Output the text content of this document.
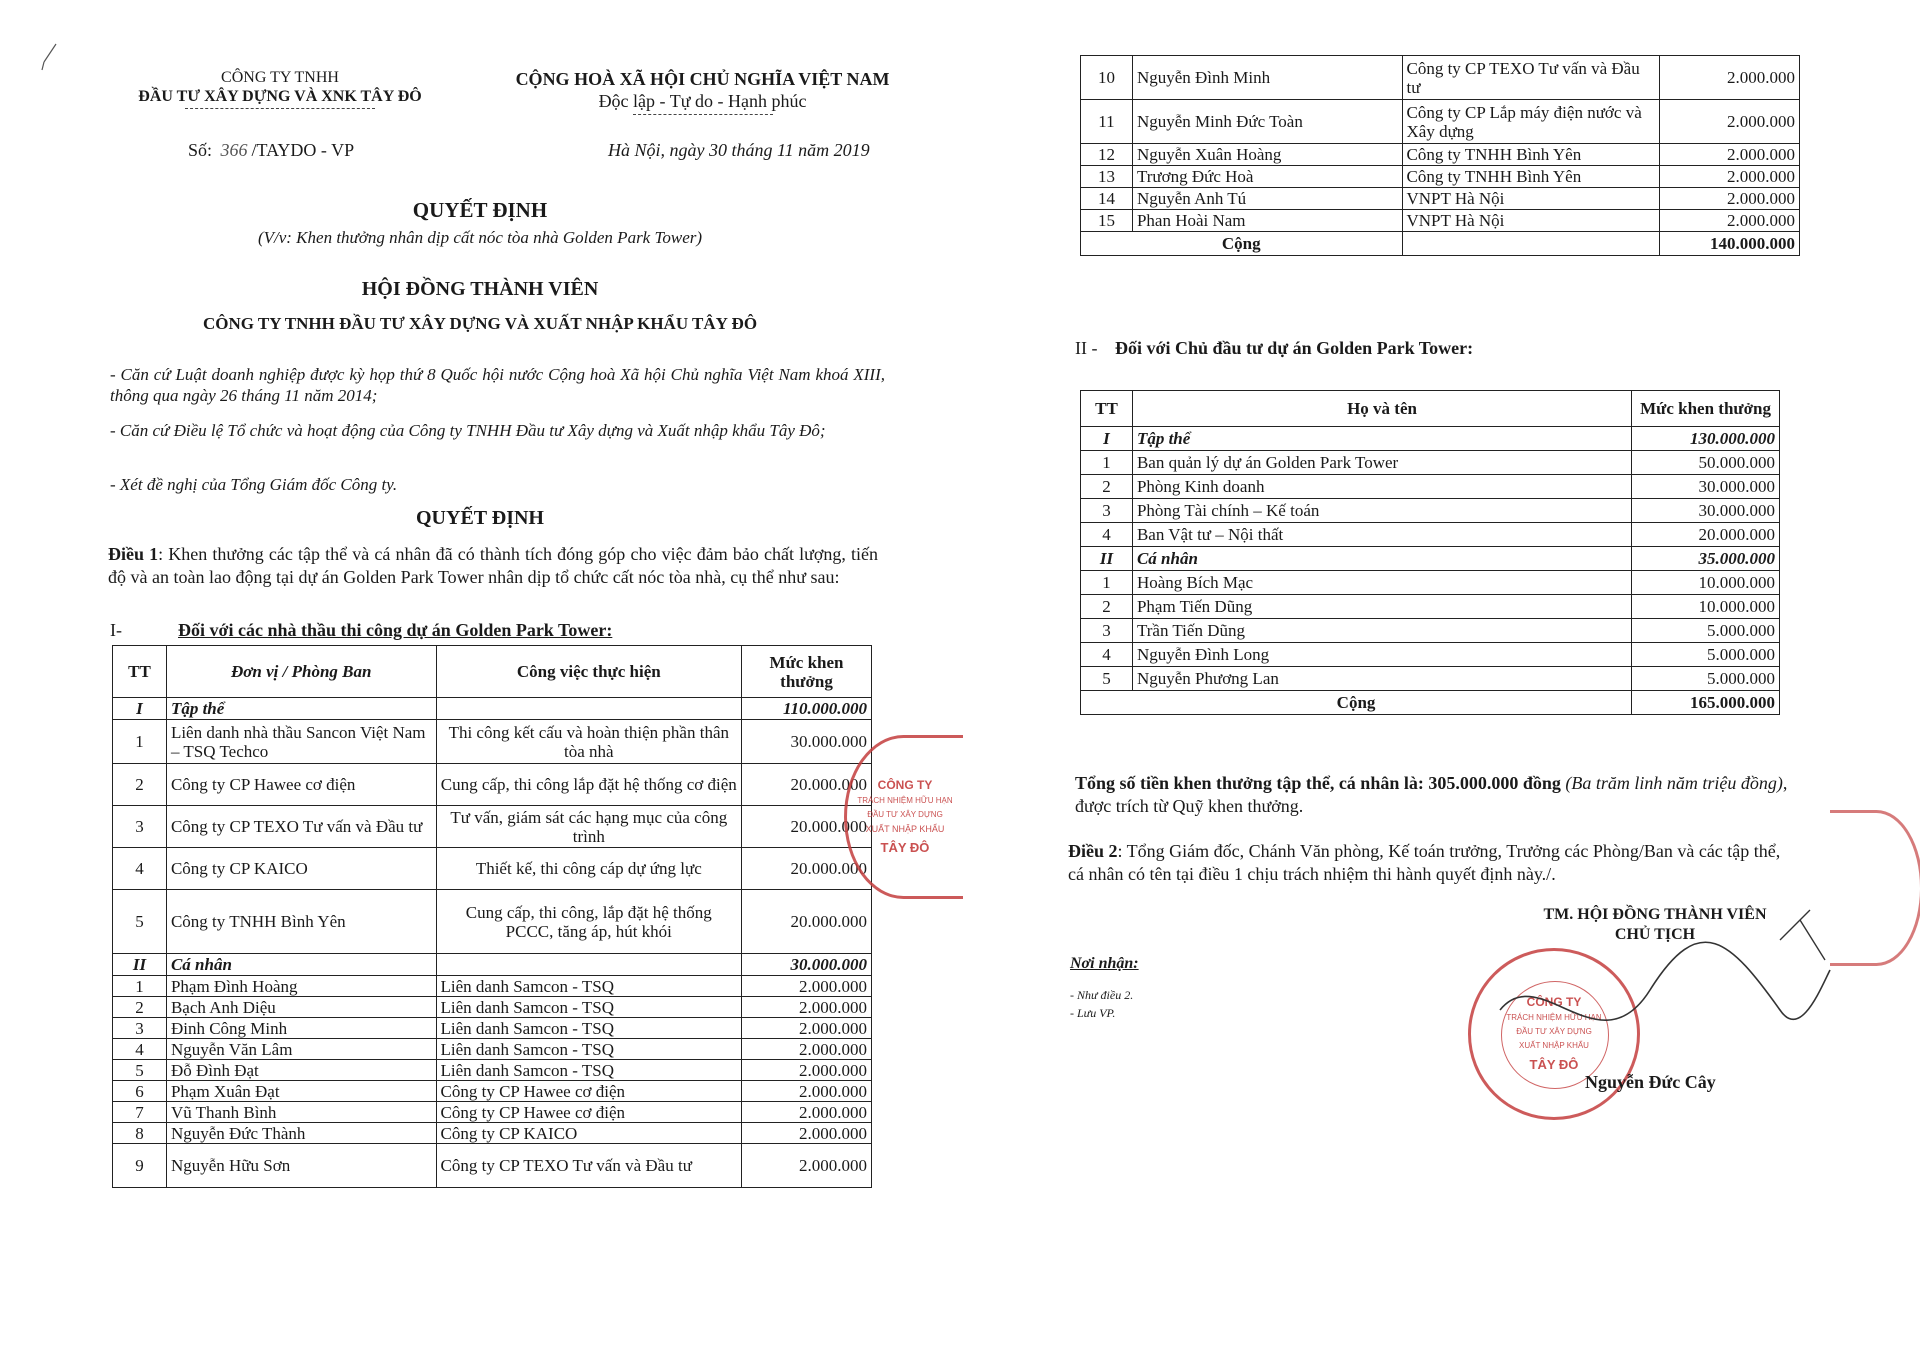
CÔNG TY TNHH
ĐẦU TƯ XÂY DỰNG VÀ XNK TÂY ĐÔ
CỘNG HOÀ XÃ HỘI CHỦ NGHĨA VIỆT NAM
Độc lập - Tự do - Hạnh phúc
Số: 366 /TAYDO - VP	Hà Nội, ngày 30 tháng 11 năm 2019
QUYẾT ĐỊNH
(V/v: Khen thưởng nhân dịp cất nóc tòa nhà Golden Park Tower)
HỘI ĐỒNG THÀNH VIÊN
CÔNG TY TNHH ĐẦU TƯ XÂY DỰNG VÀ XUẤT NHẬP KHẨU TÂY ĐÔ
- Căn cứ Luật doanh nghiệp được kỳ họp thứ 8 Quốc hội nước Cộng hoà Xã hội Chủ nghĩa Việt Nam khoá XIII, thông qua ngày 26 tháng 11 năm 2014;
- Căn cứ Điều lệ Tổ chức và hoạt động của Công ty TNHH Đầu tư Xây dựng và Xuất nhập khẩu Tây Đô;
- Xét đề nghị của Tổng Giám đốc Công ty.
QUYẾT ĐỊNH
Điều 1: Khen thưởng các tập thể và cá nhân đã có thành tích đóng góp cho việc đảm bảo chất lượng, tiến độ và an toàn lao động tại dự án Golden Park Tower nhân dịp tổ chức cất nóc tòa nhà, cụ thể như sau:
I-	Đối với các nhà thầu thi công dự án Golden Park Tower:
TT	Đơn vị / Phòng Ban	Công việc thực hiện	Mức khen thưởng
I	Tập thể		110.000.000
1	Liên danh nhà thầu Sancon Việt Nam – TSQ Techco	Thi công kết cấu và hoàn thiện phần thân tòa nhà	30.000.000
2	Công ty CP Hawee cơ điện	Cung cấp, thi công lắp đặt hệ thống cơ điện	20.000.000
3	Công ty CP TEXO Tư vấn và Đầu tư	Tư vấn, giám sát các hạng mục của công trình	20.000.000
4	Công ty CP KAICO	Thiết kế, thi công cáp dự ứng lực	20.000.000
5	Công ty TNHH Bình Yên	Cung cấp, thi công, lắp đặt hệ thống PCCC, tăng áp, hút khói	20.000.000
II	Cá nhân		30.000.000
1	Phạm Đình Hoàng	Liên danh Samcon - TSQ	2.000.000
2	Bạch Anh Diệu	Liên danh Samcon - TSQ	2.000.000
3	Đinh Công Minh	Liên danh Samcon - TSQ	2.000.000
4	Nguyễn Văn Lâm	Liên danh Samcon - TSQ	2.000.000
5	Đỗ Đình Đạt	Liên danh Samcon - TSQ	2.000.000
6	Phạm Xuân Đạt	Công ty CP Hawee cơ điện	2.000.000
7	Vũ Thanh Bình	Công ty CP Hawee cơ điện	2.000.000
8	Nguyễn Đức Thành	Công ty CP KAICO	2.000.000
9	Nguyễn Hữu Sơn	Công ty CP TEXO Tư vấn và Đầu tư	2.000.000
CÔNG TY
TRÁCH NHIỆM HỮU HẠN
ĐẦU TƯ XÂY DỰNG
XUẤT NHẬP KHẨU
TÂY ĐÔ
10	Nguyễn Đình Minh	Công ty CP TEXO Tư vấn và Đầu tư	2.000.000
11	Nguyễn Minh Đức Toàn	Công ty CP Lắp máy điện nước và Xây dựng	2.000.000
12	Nguyễn Xuân Hoàng	Công ty TNHH Bình Yên	2.000.000
13	Trương Đức Hoà	Công ty TNHH Bình Yên	2.000.000
14	Nguyễn Anh Tú	VNPT Hà Nội	2.000.000
15	Phan Hoài Nam	VNPT Hà Nội	2.000.000
Cộng			140.000.000
II - Đối với Chủ đầu tư dự án Golden Park Tower:
TT	Họ và tên	Mức khen thưởng
I	Tập thể	130.000.000
1	Ban quản lý dự án Golden Park Tower	50.000.000
2	Phòng Kinh doanh	30.000.000
3	Phòng Tài chính – Kế toán	30.000.000
4	Ban Vật tư – Nội thất	20.000.000
II	Cá nhân	35.000.000
1	Hoàng Bích Mạc	10.000.000
2	Phạm Tiến Dũng	10.000.000
3	Trần Tiến Dũng	5.000.000
4	Nguyễn Đình Long	5.000.000
5	Nguyễn Phương Lan	5.000.000
Cộng		165.000.000
Tổng số tiền khen thưởng tập thể, cá nhân là: 305.000.000 đồng (Ba trăm linh năm triệu đồng), được trích từ Quỹ khen thưởng.
Điều 2: Tổng Giám đốc, Chánh Văn phòng, Kế toán trưởng, Trưởng các Phòng/Ban và các tập thể, cá nhân có tên tại điều 1 chịu trách nhiệm thi hành quyết định này./.
Nơi nhận:
- Như điều 2.
- Lưu VP.
TM. HỘI ĐỒNG THÀNH VIÊN
CHỦ TỊCH
CÔNG TY
TRÁCH NHIỆM HỮU HẠN
ĐẦU TƯ XÂY DỰNG
XUẤT NHẬP KHẨU
TÂY ĐÔ
Nguyễn Đức Cây
